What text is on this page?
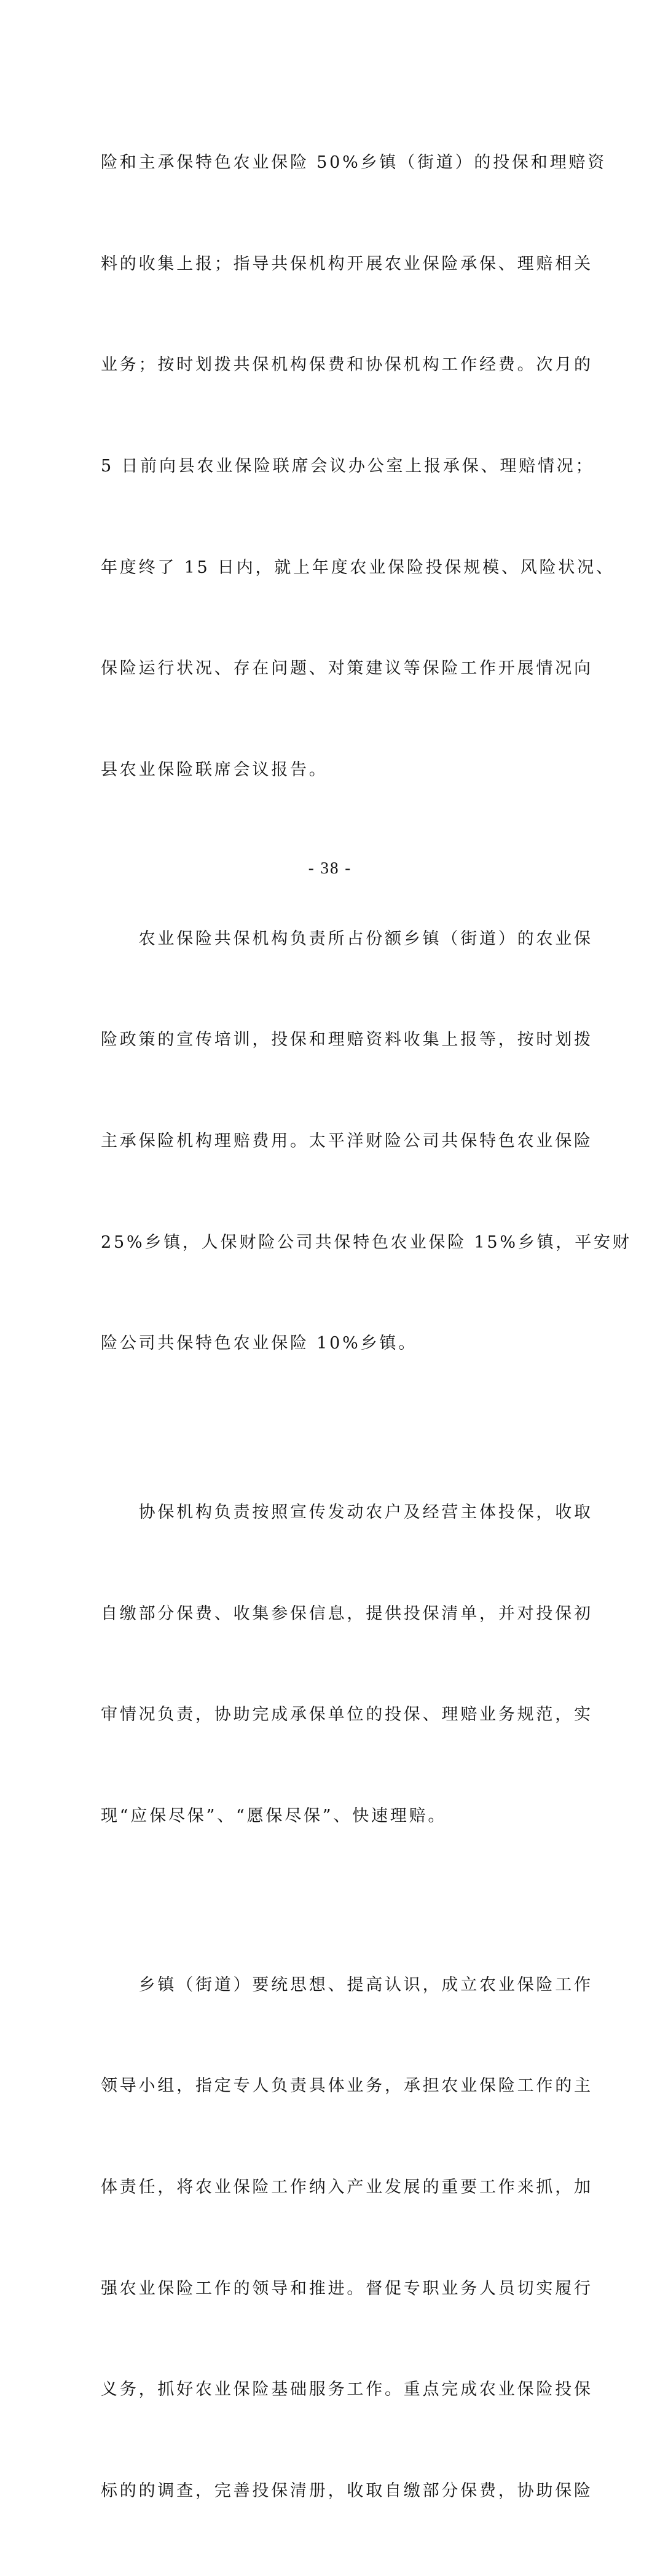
险和主承保特色农业保险 50%乡镇（街道）的投保和理赔资

料的收集上报；指导共保机构开展农业保险承保、理赔相关

业务；按时划拨共保机构保费和协保机构工作经费。次月的

5 日前向县农业保险联席会议办公室上报承保、理赔情况；

年度终了 15 日内，就上年度农业保险投保规模、风险状况、

保险运行状况、存在问题、对策建议等保险工作开展情况向

县农业保险联席会议报告。

　　农业保险共保机构负责所占份额乡镇（街道）的农业保

险政策的宣传培训，投保和理赔资料收集上报等，按时划拨

主承保险机构理赔费用。太平洋财险公司共保特色农业保险

25%乡镇，人保财险公司共保特色农业保险 15%乡镇，平安财

险公司共保特色农业保险 10%乡镇。

　　协保机构负责按照宣传发动农户及经营主体投保，收取

自缴部分保费、收集参保信息，提供投保清单，并对投保初

审情况负责，协助完成承保单位的投保、理赔业务规范，实

现“应保尽保”、“愿保尽保”、快速理赔。

　　乡镇（街道）要统思想、提高认识，成立农业保险工作

领导小组，指定专人负责具体业务，承担农业保险工作的主

体责任，将农业保险工作纳入产业发展的重要工作来抓，加

强农业保险工作的领导和推进。督促专职业务人员切实履行

义务，抓好农业保险基础服务工作。重点完成农业保险投保

标的的调查，完善投保清册，收取自缴部分保费，协助保险

- 38 -
